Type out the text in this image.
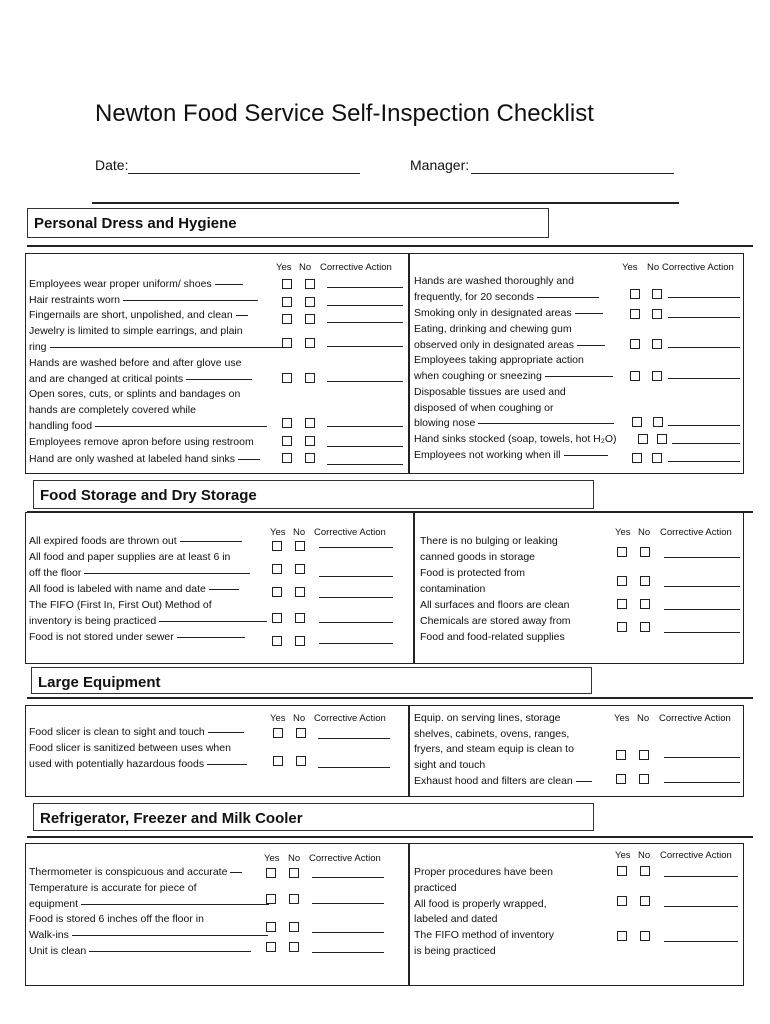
Newton Food Service Self-Inspection Checklist
Date:	Manager:
Personal Dress and Hygiene
Yes No Corrective Action	Yes No Corrective Action
Employees wear proper uniform/ shoes
Hair restraints worn
Fingernails are short, unpolished, and clean
Jewelry is limited to simple earrings, and plain
ring
Hands are washed before and after glove use
and are changed at critical points
Open sores, cuts, or splints and bandages on
hands are completely covered while
handling food
Employees remove apron before using restroom
Hand are only washed at labeled hand sinks
Hands are washed thoroughly and
frequently, for 20 seconds
Smoking only in designated areas
Eating, drinking and chewing gum
observed only in designated areas
Employees taking appropriate action
when coughing or sneezing
Disposable tissues are used and
disposed of when coughing or
blowing nose
Hand sinks stocked (soap, towels, hot H₂O)
Employees not working when ill
Food Storage and Dry Storage
Yes No Corrective Action	Yes No Corrective Action
All expired foods are thrown out
All food and paper supplies are at least 6 in
off the floor
All food is labeled with name and date
The FIFO (First In, First Out) Method of
inventory is being practiced
Food is not stored under sewer
There is no bulging or leaking
canned goods in storage
Food is protected from
contamination
All surfaces and floors are clean
Chemicals are stored away from
Food and food-related supplies
Large Equipment
Yes No Corrective Action	Yes No Corrective Action
Food slicer is clean to sight and touch
Food slicer is sanitized between uses when
used with potentially hazardous foods
Equip. on serving lines, storage
shelves, cabinets, ovens, ranges,
fryers, and steam equip is clean to
sight and touch
Exhaust hood and filters are clean
Refrigerator, Freezer and Milk Cooler
Yes No Corrective Action	Yes No Corrective Action
Thermometer is conspicuous and accurate
Temperature is accurate for piece of
equipment
Food is stored 6 inches off the floor in
Walk-ins
Unit is clean
Proper procedures have been
practiced
All food is properly wrapped,
labeled and dated
The FIFO method of inventory
is being practiced
